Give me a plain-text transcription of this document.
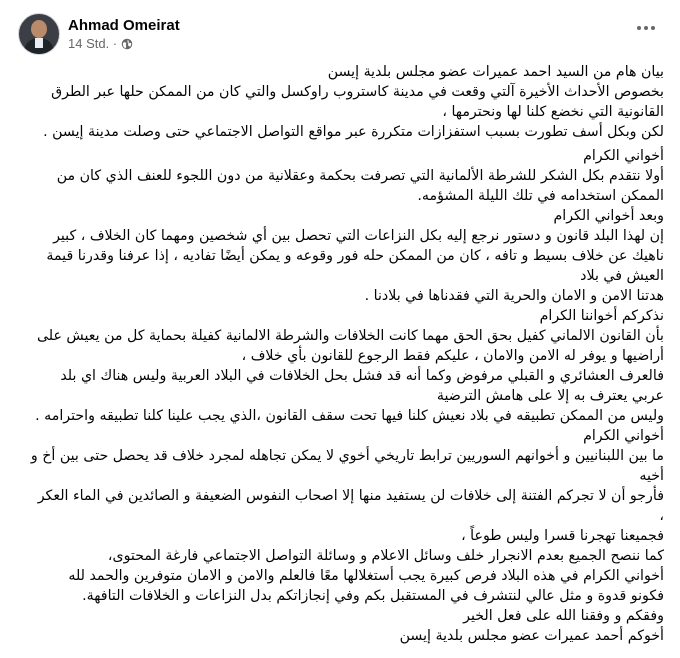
Ahmad Omeirat
14 Std. ·

بيان هام من السيد احمد عميرات عضو مجلس بلدية إيسن

بخصوص الأحداث الأخيرة آلتي وقعت في مدينة كاستروب راوكسل والتي كان من الممكن حلها عبر الطرق القانونية التي نخضع كلنا لها ونحترمها ،

لكن وبكل أسف تطورت بسبب استفزازات متكررة عبر مواقع التواصل الاجتماعي حتى وصلت مدينة إيسن .

أخواني الكرام

أولا نتقدم بكل الشكر للشرطة الألمانية التي تصرفت بحكمة وعقلانية من دون اللجوء للعنف الذي كان من الممكن استخدامه في تلك الليلة المشؤمه.

وبعد أخواني الكرام

إن لهذا البلد قانون و دستور نرجع إليه بكل النزاعات التي تحصل بين أي شخصين ومهما كان الخلاف ، كبير ناهيك عن خلاف بسيط و تافه ، كان من الممكن حله فور وقوعه و يمكن أيضًا تفاديه ، إذا عرفنا وقدرنا قيمة العيش في بلاد

هدتنا الامن و الامان والحرية التي فقدناها في بلادنا .

نذكركم أخواننا الكرام

بأن القانون الالماني كفيل بحق الحق مهما كانت الخلافات والشرطة الالمانية كفيلة بحماية كل من يعيش على أراضيها و يوفر له الامن والامان ، عليكم فقط الرجوع للقانون بأي خلاف ،

فالعرف العشائري و القبلي مرفوض وكما أنه قد فشل بحل الخلافات في البلاد العربية وليس هناك اي بلد عربي يعترف به إلا على هامش الترضية

وليس من الممكن تطبيقه في بلاد نعيش كلنا فيها تحت سقف القانون ،الذي يجب علينا كلنا تطبيقه واحترامه .

أخواني الكرام

ما بين اللبنانيين و أخوانهم السوريين ترابط تاريخي أخوي لا يمكن تجاهله لمجرد خلاف قد يحصل حتى بين أخ و أخيه

فأرجو أن لا تجركم الفتنة إلى خلافات لن يستفيد منها إلا اصحاب النفوس الضعيفة و الصائدين في الماء العكر ،

فجميعنا تهجرنا قسرا وليس طوعاً ،

كما ننصح الجميع بعدم الانجرار خلف وسائل الاعلام و وسائلة التواصل الاجتماعي فارغة المحتوى،

أخواني الكرام في هذه البلاد فرص كبيرة يجب أستغلالها معًا فالعلم والامن و الامان متوفرين والحمد لله

فكونو قدوة و مثل عالي لنتشرف في المستقبل بكم وفي إنجازاتكم بدل النزاعات و الخلافات التافهة.

وفقكم و وفقنا الله على فعل الخير

أخوكم أحمد عميرات عضو مجلس بلدية إيسن
